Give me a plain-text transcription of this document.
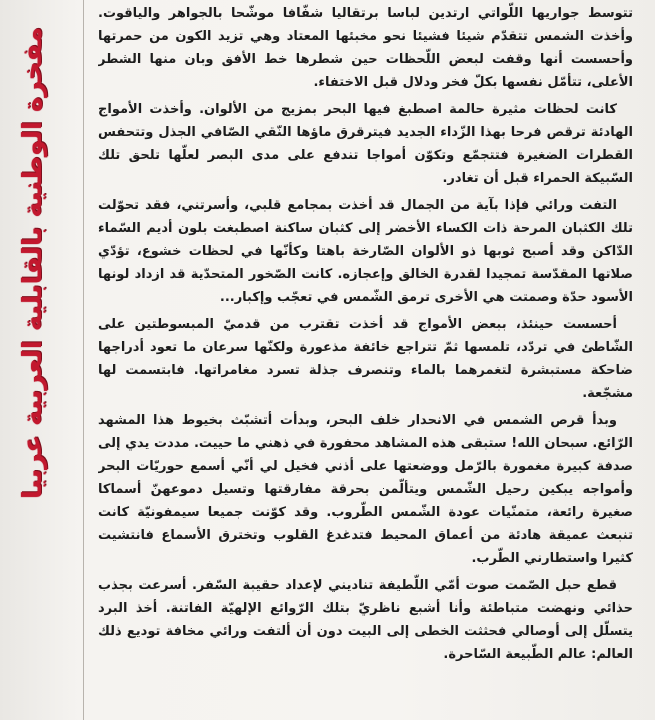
مفخرة الوطنية بالقابلية العربية عربيا

تتوسط جواريها اللّواتي ارتدين لباسا برتقاليا شفّافا موشّحا بالجواهر والياقوت. وأخذت الشمس تتقدّم شيئا فشيئا نحو مخبئها المعتاد وهي تزيد الكون من حمرتها وأحسست أنها وقفت لبعض اللّحظات حين شطرها خط الأفق وبان منها الشطر الأعلى، تتأمّل نفسها بكلّ فخر ودلال قبل الاختفاء.

كانت لحظات مثيرة حالمة اصطبغ فيها البحر بمزيج من الألوان. وأخذت الأمواج الهادئة ترقص فرحا بهذا الزّداء الجديد فيترقرق ماؤها النّقي الصّافي الجذل وتتحفس القطرات الضغيرة فتتجمّع وتكوّن أمواجا تندفع على مدى البصر لعلّها تلحق تلك السّبيكة الحمراء قبل أن تغادر.

التفت ورائي فإذا بآية من الجمال قد أخذت بمجامع قلبي، وأسرتني، فقد تحوّلت تلك الكثبان المرحة ذات الكساء الأخضر إلى كثبان ساكنة اصطبغت بلون أديم السّماء الدّاكن وقد أصبح ثوبها ذو الألوان الصّارخة باهتا وكأنّها في لحظات خشوع، تؤدّي صلاتها المقدّسة تمجيدا لقدرة الخالق وإعجازه. كانت الصّخور المتحدّية قد ازداد لونها الأسود حدّة وصمتت هي الأخرى ترمق الشّمس في تعجّب وإكبار...

أحسست حينئذ، ببعض الأمواج قد أخذت تقترب من قدميّ المبسوطتين على الشّاطئ في تردّد، تلمسها ثمّ تتراجع خائفة مذعورة ولكنّها سرعان ما تعود أدراجها ضاحكة مستبشرة لتغمرهما بالماء وتنصرف جذلة تسرد مغامراتها. فابتسمت لها مشجّعة.

وبدأ قرص الشمس في الانحدار خلف البحر، وبدأت أتشبّث بخيوط هذا المشهد الرّائع. سبحان الله! ستبقى هذه المشاهد محفورة في ذهني ما حييت. مددت يدي إلى صدفة كبيرة مغمورة بالرّمل ووضعتها على أذني فخيل لي أنّي أسمع حوريّات البحر وأمواجه يبكين رحيل الشّمس ويتألّمن بحرقة مفارقتها وتسيل دموعهنّ أسماكا صغيرة رائعة، متمنّيات عودة الشّمس الطّروب. وقد كوّنت جميعا سيمفونيّة كانت تنبعث عميقة هادئة من أعماق المحيط فتدغدغ القلوب وتخترق الأسماع فانتشيت كثيرا واستطارني الطّرب.

قطع حبل الصّمت صوت أمّي اللّطيفة تناديني لإعداد حقيبة السّفر. أسرعت بجذب حذائي ونهضت متباطئة وأنا أشبع ناظريّ بتلك الرّوائع الإلهيّة الفاتنة. أخذ البرد يتسلّل إلى أوصالي فحثثت الخطى إلى البيت دون أن ألتفت ورائي مخافة توديع ذلك العالم: عالم الطّبيعة السّاحرة.
